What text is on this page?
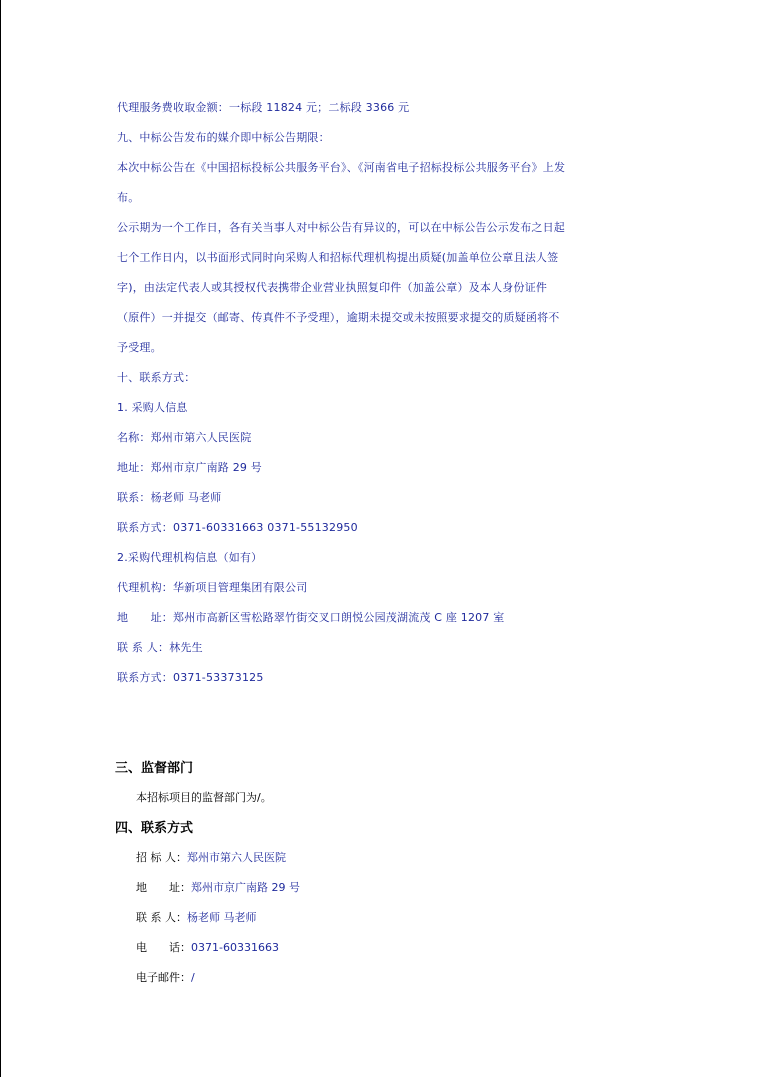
代理服务费收取金额：一标段 11824 元；二标段 3366 元

九、中标公告发布的媒介即中标公告期限：

本次中标公告在《中国招标投标公共服务平台》、《河南省电子招标投标公共服务平台》上发

布。

公示期为一个工作日，各有关当事人对中标公告有异议的，可以在中标公告公示发布之日起

七个工作日内，以书面形式同时向采购人和招标代理机构提出质疑(加盖单位公章且法人签

字)，由法定代表人或其授权代表携带企业营业执照复印件（加盖公章）及本人身份证件

（原件）一并提交（邮寄、传真件不予受理），逾期未提交或未按照要求提交的质疑函将不

予受理。

十、联系方式：

1. 采购人信息

名称：郑州市第六人民医院

地址：郑州市京广南路 29 号

联系：杨老师 马老师

联系方式：0371-60331663 0371-55132950

2.采购代理机构信息（如有）

代理机构：华新项目管理集团有限公司

地　　址：郑州市高新区雪松路翠竹街交叉口朗悦公园茂湖流茂 C 座 1207 室

联 系 人：林先生

联系方式：0371-53373125

三、监督部门

本招标项目的监督部门为/。

四、联系方式
招 标 人：郑州市第六人民医院
地　　址：郑州市京广南路 29 号
联 系 人：杨老师 马老师
电　　话：0371-60331663
电子邮件：/
